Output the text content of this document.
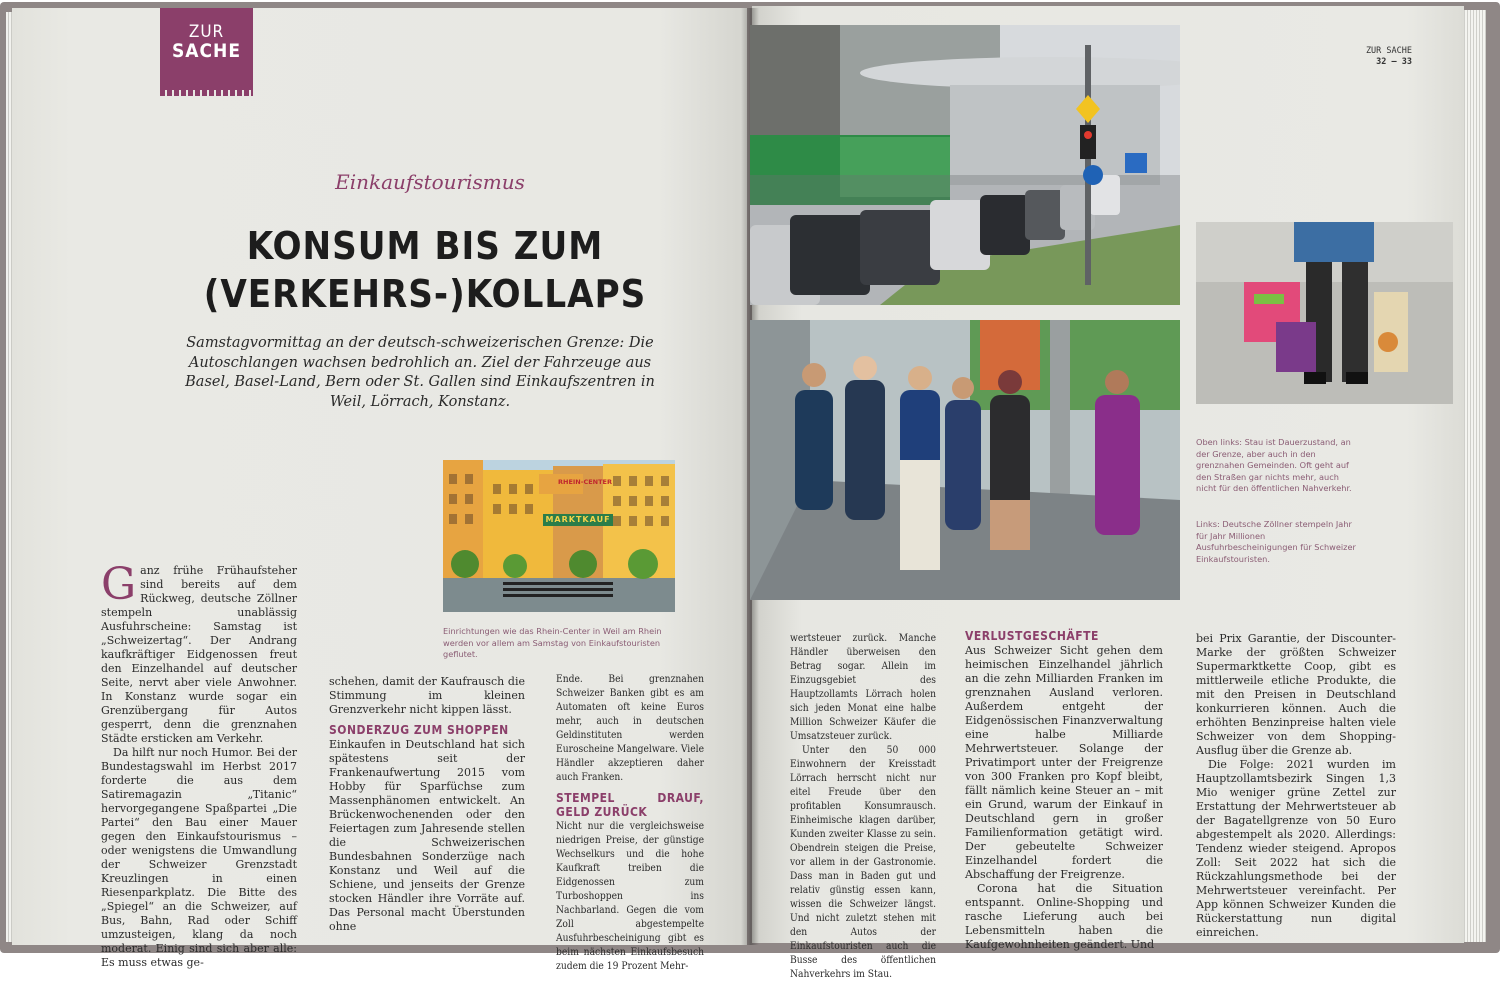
ZUR
SACHE	ZUR SACHE
32 — 33
Einkaufstourismus
KONSUM BIS ZUM
(VERKEHRS-)KOLLAPS

Samstagvormittag an der deutsch-schweizerischen Grenze: Die Autoschlangen wachsen bedrohlich an. Ziel der Fahrzeuge aus Basel, Basel-Land, Bern oder St. Gallen sind Einkaufszentren in Weil, Lörrach, Konstanz.

RHEIN-CENTER
MARKTKAUF

Einrichtungen wie das Rhein-Center in Weil am Rhein werden vor allem am Samstag von Einkaufstouristen geflutet.

Oben links: Stau ist Dauerzustand, an der Grenze, aber auch in den grenznahen Gemeinden. Oft geht auf den Straßen gar nichts mehr, auch nicht für den öffentlichen Nahverkehr.

Links: Deutsche Zöllner stempeln Jahr für Jahr Millionen Ausfuhrbescheinigungen für Schweizer Einkaufstouristen.

Ganz frühe Frühaufsteher sind bereits auf dem Rückweg, deutsche Zöllner stempeln unablässig Ausfuhrscheine: Samstag ist „Schweizertag“. Der Andrang kaufkräftiger Eidgenossen freut den Einzelhandel auf deutscher Seite, nervt aber viele Anwohner. In Konstanz wurde sogar ein Grenzübergang für Autos gesperrt, denn die grenznahen Städte ersticken am Verkehr.

Da hilft nur noch Humor. Bei der Bundestagswahl im Herbst 2017 forderte die aus dem Satiremagazin „Titanic“ hervorgegangene Spaßpartei „Die Partei“ den Bau einer Mauer gegen den Einkaufstourismus – oder wenigstens die Umwandlung der Schweizer Grenzstadt Kreuzlingen in einen Riesenparkplatz. Die Bitte des „Spiegel“ an die Schweizer, auf Bus, Bahn, Rad oder Schiff umzusteigen, klang da noch moderat. Einig sind sich aber alle: Es muss etwas ge-

schehen, damit der Kaufrausch die Stimmung im kleinen Grenzverkehr nicht kippen lässt.

SONDERZUG ZUM SHOPPEN

Einkaufen in Deutschland hat sich spätestens seit der Frankenaufwertung 2015 vom Hobby für Sparfüchse zum Massenphänomen entwickelt. An Brückenwochenenden oder den Feiertagen zum Jahresende stellen die Schweizerischen Bundesbahnen Sonderzüge nach Konstanz und Weil auf die Schiene, und jenseits der Grenze stocken Händler ihre Vorräte auf. Das Personal macht Überstunden ohne

Ende. Bei grenznahen Schweizer Banken gibt es am Automaten oft keine Euros mehr, auch in deutschen Geldinstituten werden Euroscheine Mangelware. Viele Händler akzeptieren daher auch Franken.

STEMPEL DRAUF, GELD ZURÜCK

Nicht nur die vergleichsweise niedrigen Preise, der günstige Wechselkurs und die hohe Kaufkraft treiben die Eidgenossen zum Turboshoppen ins Nachbarland. Gegen die vom Zoll abgestempelte Ausfuhrbescheinigung gibt es beim nächsten Einkaufsbesuch zudem die 19 Prozent Mehr-

wertsteuer zurück. Manche Händler überweisen den Betrag sogar. Allein im Einzugsgebiet des Hauptzollamts Lörrach holen sich jeden Monat eine halbe Million Schweizer Käufer die Umsatzsteuer zurück.

Unter den 50 000 Einwohnern der Kreisstadt Lörrach herrscht nicht nur eitel Freude über den profitablen Konsumrausch. Einheimische klagen darüber, Kunden zweiter Klasse zu sein. Obendrein steigen die Preise, vor allem in der Gastronomie. Dass man in Baden gut und relativ günstig essen kann, wissen die Schweizer längst. Und nicht zuletzt stehen mit den Autos der Einkaufstouristen auch die Busse des öffentlichen Nahverkehrs im Stau.

VERLUSTGESCHÄFTE

Aus Schweizer Sicht gehen dem heimischen Einzelhandel jährlich an die zehn Milliarden Franken im grenznahen Ausland verloren. Außerdem entgeht der Eidgenössischen Finanzverwaltung eine halbe Milliarde Mehrwertsteuer. Solange der Privatimport unter der Freigrenze von 300 Franken pro Kopf bleibt, fällt nämlich keine Steuer an – mit ein Grund, warum der Einkauf in Deutschland gern in großer Familienformation getätigt wird. Der gebeutelte Schweizer Einzelhandel fordert die Abschaffung der Freigrenze.

Corona hat die Situation entspannt. Online-Shopping und rasche Lieferung auch bei Lebensmitteln haben die Kaufgewohnheiten geändert. Und

bei Prix Garantie, der Discounter-Marke der größten Schweizer Supermarktkette Coop, gibt es mittlerweile etliche Produkte, die mit den Preisen in Deutschland konkurrieren können. Auch die erhöhten Benzinpreise halten viele Schweizer von dem Shopping-Ausflug über die Grenze ab.

Die Folge: 2021 wurden im Hauptzollamtsbezirk Singen 1,3 Mio weniger grüne Zettel zur Erstattung der Mehrwertsteuer ab der Bagatellgrenze von 50 Euro abgestempelt als 2020. Allerdings: Tendenz wieder steigend. Apropos Zoll: Seit 2022 hat sich die Rückzahlungsmethode bei der Mehrwertsteuer vereinfacht. Per App können Schweizer Kunden die Rückerstattung nun digital einreichen.
